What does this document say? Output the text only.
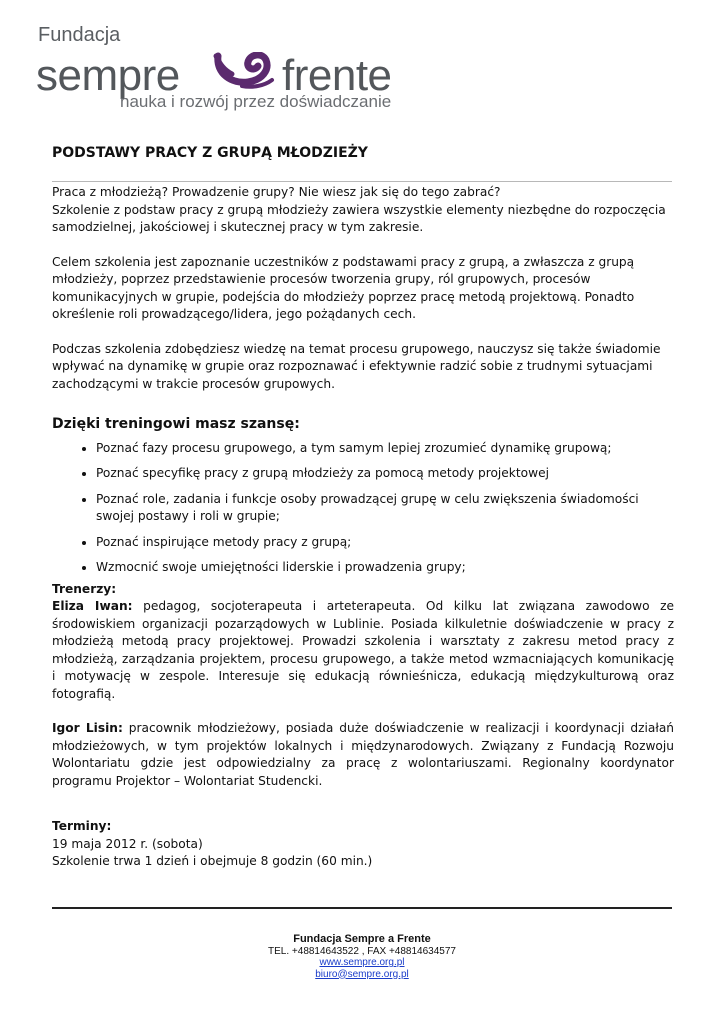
Fundacja
sempre frente
nauka i rozwój przez doświadczanie
PODSTAWY PRACY Z GRUPĄ MŁODZIEŻY

Praca z młodzieżą? Prowadzenie grupy? Nie wiesz jak się do tego zabrać?

Szkolenie z podstaw pracy z grupą młodzieży zawiera wszystkie elementy niezbędne do rozpoczęcia samodzielnej, jakościowej i skutecznej pracy w tym zakresie.

Celem szkolenia jest zapoznanie uczestników z podstawami pracy z grupą, a zwłaszcza z grupą młodzieży, poprzez przedstawienie procesów tworzenia grupy, ról grupowych, procesów komunikacyjnych w grupie, podejścia do młodzieży poprzez pracę metodą projektową. Ponadto określenie roli prowadzącego/lidera, jego pożądanych cech.

Podczas szkolenia zdobędziesz wiedzę na temat procesu grupowego, nauczysz się także świadomie wpływać na dynamikę w grupie oraz rozpoznawać i efektywnie radzić sobie z trudnymi sytuacjami zachodzącymi w trakcie procesów grupowych.

Dzięki treningowi masz szansę:
• Poznać fazy procesu grupowego, a tym samym lepiej zrozumieć dynamikę grupową;
• Poznać specyfikę pracy z grupą młodzieży za pomocą metody projektowej
• Poznać role, zadania i funkcje osoby prowadzącej grupę w celu zwiększenia świadomości swojej postawy i roli w grupie;
• Poznać inspirujące metody pracy z grupą;
• Wzmocnić swoje umiejętności liderskie i prowadzenia grupy;

Trenerzy:

Eliza Iwan: pedagog, socjoterapeuta i arteterapeuta. Od kilku lat związana zawodowo ze środowiskiem organizacji pozarządowych w Lublinie. Posiada kilkuletnie doświadczenie w pracy z młodzieżą metodą pracy projektowej. Prowadzi szkolenia i warsztaty z zakresu metod pracy z młodzieżą, zarządzania projektem, procesu grupowego, a także metod wzmacniających komunikację i motywację w zespole. Interesuje się edukacją równieśnicza, edukacją międzykulturową oraz fotografią.

Igor Lisin: pracownik młodzieżowy, posiada duże doświadczenie w realizacji i koordynacji działań młodzieżowych, w tym projektów lokalnych i międzynarodowych. Związany z Fundacją Rozwoju Wolontariatu gdzie jest odpowiedzialny za pracę z wolontariuszami. Regionalny koordynator programu Projektor – Wolontariat Studencki.

Terminy:

19 maja 2012 r. (sobota)

Szkolenie trwa 1 dzień i obejmuje 8 godzin (60 min.)

Fundacja Sempre a Frente
TEL. +48814643522 , FAX +48814634577
www.sempre.org.pl
biuro@sempre.org.pl
